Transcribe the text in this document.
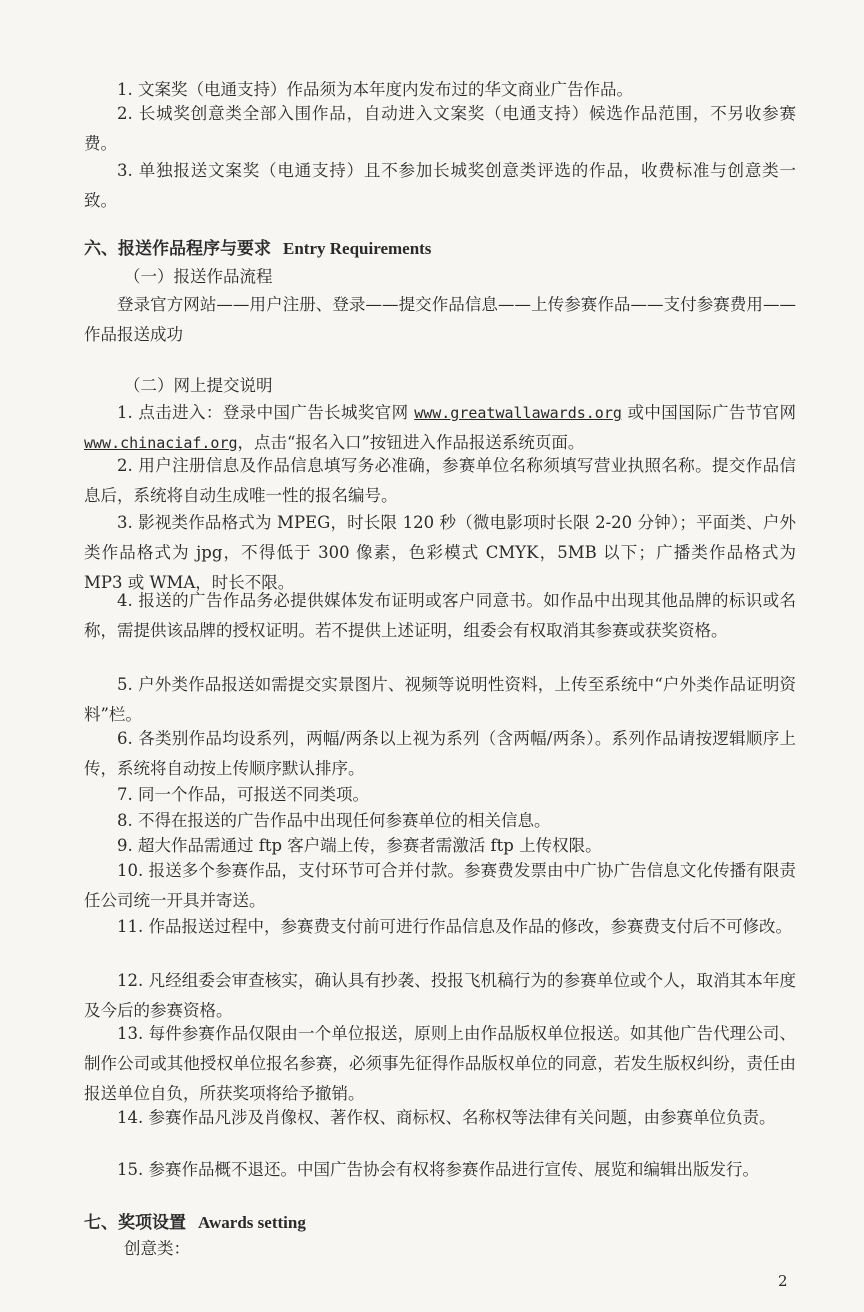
1. 文案奖（电通支持）作品须为本年度内发布过的华文商业广告作品。
2. 长城奖创意类全部入围作品，自动进入文案奖（电通支持）候选作品范围，不另收参赛费。
3. 单独报送文案奖（电通支持）且不参加长城奖创意类评选的作品，收费标准与创意类一致。
六、报送作品程序与要求 Entry Requirements
（一）报送作品流程
登录官方网站——用户注册、登录——提交作品信息——上传参赛作品——支付参赛费用——作品报送成功
（二）网上提交说明
1. 点击进入：登录中国广告长城奖官网 www.greatwallawards.org 或中国国际广告节官网 www.chinaciaf.org，点击“报名入口”按钮进入作品报送系统页面。
2. 用户注册信息及作品信息填写务必准确，参赛单位名称须填写营业执照名称。提交作品信息后，系统将自动生成唯一性的报名编号。
3. 影视类作品格式为 MPEG，时长限 120 秒（微电影项时长限 2-20 分钟）；平面类、户外类作品格式为 jpg，不得低于 300 像素，色彩模式 CMYK，5MB 以下；广播类作品格式为 MP3 或 WMA，时长不限。
4. 报送的广告作品务必提供媒体发布证明或客户同意书。如作品中出现其他品牌的标识或名称，需提供该品牌的授权证明。若不提供上述证明，组委会有权取消其参赛或获奖资格。
5. 户外类作品报送如需提交实景图片、视频等说明性资料，上传至系统中“户外类作品证明资料”栏。
6. 各类别作品均设系列，两幅/两条以上视为系列（含两幅/两条）。系列作品请按逻辑顺序上传，系统将自动按上传顺序默认排序。
7. 同一个作品，可报送不同类项。
8. 不得在报送的广告作品中出现任何参赛单位的相关信息。
9. 超大作品需通过 ftp 客户端上传，参赛者需激活 ftp 上传权限。
10. 报送多个参赛作品，支付环节可合并付款。参赛费发票由中广协广告信息文化传播有限责任公司统一开具并寄送。
11. 作品报送过程中，参赛费支付前可进行作品信息及作品的修改，参赛费支付后不可修改。
12. 凡经组委会审查核实，确认具有抄袭、投报飞机稿行为的参赛单位或个人，取消其本年度及今后的参赛资格。
13. 每件参赛作品仅限由一个单位报送，原则上由作品版权单位报送。如其他广告代理公司、制作公司或其他授权单位报名参赛，必须事先征得作品版权单位的同意，若发生版权纠纷，责任由报送单位自负，所获奖项将给予撤销。
14. 参赛作品凡涉及肖像权、著作权、商标权、名称权等法律有关问题，由参赛单位负责。
15. 参赛作品概不退还。中国广告协会有权将参赛作品进行宣传、展览和编辑出版发行。
七、奖项设置 Awards setting
创意类：
2
